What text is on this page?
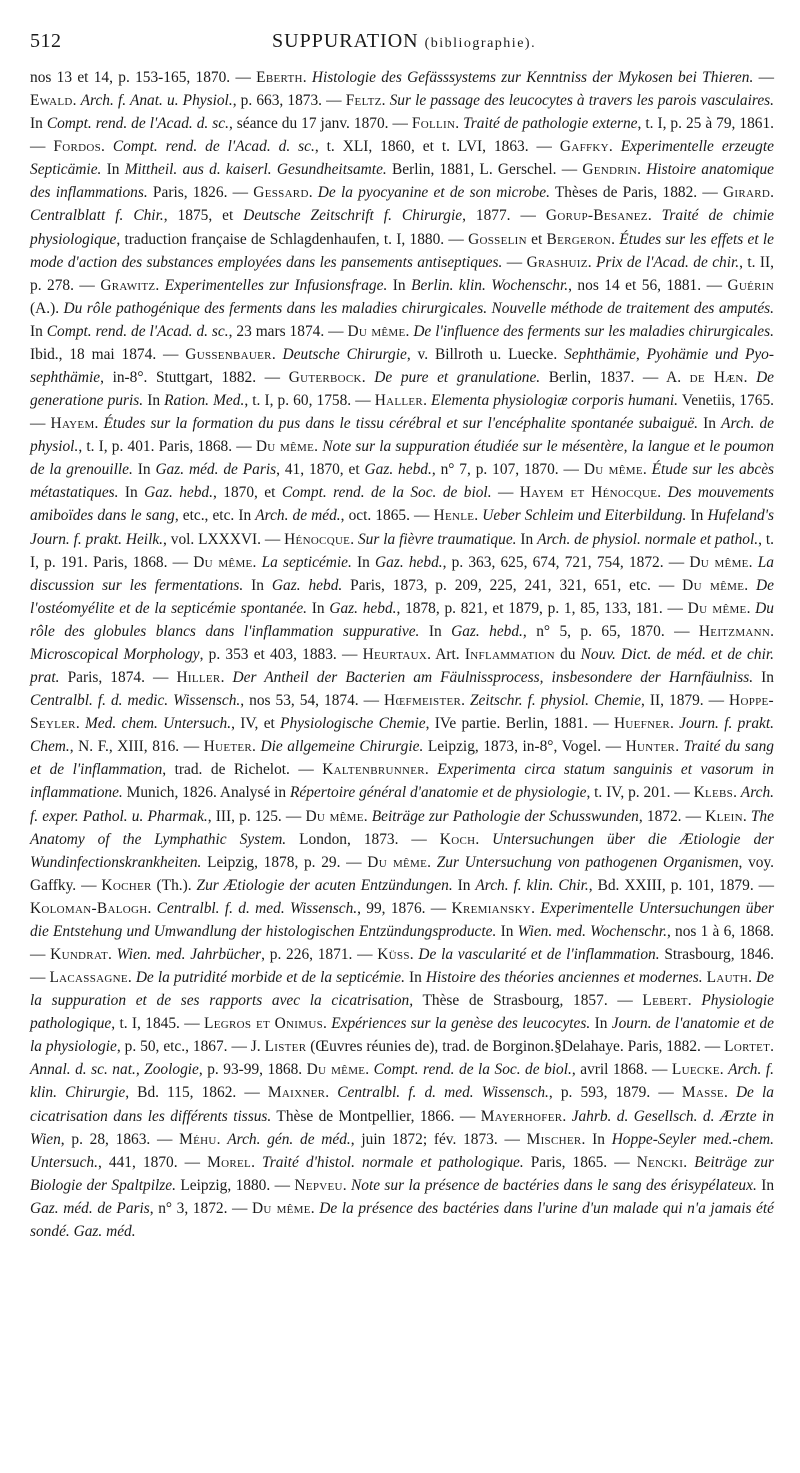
512	SUPPURATION (bibliographie).

nos 13 et 14, p. 153-165, 1870. — Eberth. Histologie des Gefässsystems zur Kenntniss der Mykosen bei Thieren. — Ewald. Arch. f. Anat. u. Physiol., p. 663, 1873. — Feltz. Sur le passage des leucocytes à travers les parois vasculaires. In Compt. rend. de l'Acad. d. sc., séance du 17 janv. 1870. — Follin. Traité de pathologie externe, t. I, p. 25 à 79, 1861. — Fordos. Compt. rend. de l'Acad. d. sc., t. XLI, 1860, et t. LVI, 1863. — Gaffky. Experimentelle erzeugte Septicämie. In Mittheil. aus d. kaiserl. Gesundheitsamte. Berlin, 1881, L. Gerschel. — Gendrin. Histoire anatomique des inflammations. Paris, 1826. — Gessard. De la pyocyanine et de son microbe. Thèses de Paris, 1882. — Girard. Centralblatt f. Chir., 1875, et Deutsche Zeitschrift f. Chirurgie, 1877. — Gorup-Besanez. Traité de chimie physiologique, traduction française de Schlagdenhaufen, t. I, 1880. — Gosselin et Bergeron. Études sur les effets et le mode d'action des substances employées dans les pansements antiseptiques. — Grashuiz. Prix de l'Acad. de chir., t. II, p. 278. — Grawitz. Experimentelles zur Infusionsfrage. In Berlin. klin. Wochenschr., nos 14 et 56, 1881. — Guérin (A.). Du rôle pathogénique des ferments dans les maladies chirurgicales. Nouvelle méthode de traitement des amputés. In Compt. rend. de l'Acad. d. sc., 23 mars 1874. — Du même. De l'influence des ferments sur les maladies chirurgicales. Ibid., 18 mai 1874. — Gussenbauer. Deutsche Chirurgie, v. Billroth u. Luecke. Sephthämie, Pyohämie und Pyo-sephthämie, in-8°. Stuttgart, 1882. — Guterbock. De pure et granulatione. Berlin, 1837. — A. de Hæn. De generatione puris. In Ration. Med., t. I, p. 60, 1758. — Haller. Elementa physiologiæ corporis humani. Venetiis, 1765. — Hayem. Études sur la formation du pus dans le tissu cérébral et sur l'encéphalite spontanée subaiguë. In Arch. de physiol., t. I, p. 401. Paris, 1868. — Du même. Note sur la suppuration étudiée sur le mésentère, la langue et le poumon de la grenouille. In Gaz. méd. de Paris, 41, 1870, et Gaz. hebd., n° 7, p. 107, 1870. — Du même. Étude sur les abcès métastatiques. In Gaz. hebd., 1870, et Compt. rend. de la Soc. de biol. — Hayem et Hénocque. Des mouvements amiboïdes dans le sang, etc., etc. In Arch. de méd., oct. 1865. — Henle. Ueber Schleim und Eiterbildung. In Hufeland's Journ. f. prakt. Heilk., vol. LXXXVI. — Hénocque. Sur la fièvre traumatique. In Arch. de physiol. normale et pathol., t. I, p. 191. Paris, 1868. — Du même. La septicémie. In Gaz. hebd., p. 363, 625, 674, 721, 754, 1872. — Du même. La discussion sur les fermentations. In Gaz. hebd. Paris, 1873, p. 209, 225, 241, 321, 651, etc. — Du même. De l'ostéomyélite et de la septicémie spontanée. In Gaz. hebd., 1878, p. 821, et 1879, p. 1, 85, 133, 181. — Du même. Du rôle des globules blancs dans l'inflammation suppurative. In Gaz. hebd., n° 5, p. 65, 1870. — Heitzmann. Microscopical Morphology, p. 353 et 403, 1883. — Heurtaux. Art. Inflammation du Nouv. Dict. de méd. et de chir. prat. Paris, 1874. — Hiller. Der Antheil der Bacterien am Fäulnissprocess, insbesondere der Harnfäulniss. In Centralbl. f. d. medic. Wissensch., nos 53, 54, 1874. — Hœfmeister. Zeitschr. f. physiol. Chemie, II, 1879. — Hoppe-Seyler. Med. chem. Untersuch., IV, et Physiologische Chemie, IVe partie. Berlin, 1881. — Huefner. Journ. f. prakt. Chem., N. F., XIII, 816. — Hueter. Die allgemeine Chirurgie. Leipzig, 1873, in-8°, Vogel. — Hunter. Traité du sang et de l'inflammation, trad. de Richelot. — Kaltenbrunner. Experimenta circa statum sanguinis et vasorum in inflammatione. Munich, 1826. Analysé in Répertoire général d'anatomie et de physiologie, t. IV, p. 201. — Klebs. Arch. f. exper. Pathol. u. Pharmak., III, p. 125. — Du même. Beiträge zur Pathologie der Schusswunden, 1872. — Klein. The Anatomy of the Lymphathic System. London, 1873. — Koch. Untersuchungen über die Ætiologie der Wundinfectionskrankheiten. Leipzig, 1878, p. 29. — Du même. Zur Untersuchung von pathogenen Organismen, voy. Gaffky. — Kocher (Th.). Zur Ætiologie der acuten Entzündungen. In Arch. f. klin. Chir., Bd. XXIII, p. 101, 1879. — Koloman-Balogh. Centralbl. f. d. med. Wissensch., 99, 1876. — Kremiansky. Experimentelle Untersuchungen über die Entstehung und Umwandlung der histologischen Entzündungsproducte. In Wien. med. Wochenschr., nos 1 à 6, 1868. — Kundrat. Wien. med. Jahrbücher, p. 226, 1871. — Küss. De la vascularité et de l'inflammation. Strasbourg, 1846. — Lacassagne. De la putridité morbide et de la septicémie. In Histoire des théories anciennes et modernes. Lauth. De la suppuration et de ses rapports avec la cicatrisation, Thèse de Strasbourg, 1857. — Lebert. Physiologie pathologique, t. I, 1845. — Legros et Onimus. Expériences sur la genèse des leucocytes. In Journ. de l'anatomie et de la physiologie, p. 50, etc., 1867. — J. Lister (Œuvres réunies de), trad. de Borginon.§Delahaye. Paris, 1882. — Lortet. Annal. d. sc. nat., Zoologie, p. 93-99, 1868. Du même. Compt. rend. de la Soc. de biol., avril 1868. — Luecke. Arch. f. klin. Chirurgie, Bd. 115, 1862. — Maixner. Centralbl. f. d. med. Wissensch., p. 593, 1879. — Masse. De la cicatrisation dans les différents tissus. Thèse de Montpellier, 1866. — Mayerhofer. Jahrb. d. Gesellsch. d. Ærzte in Wien, p. 28, 1863. — Méhu. Arch. gén. de méd., juin 1872; fév. 1873. — Mischer. In Hoppe-Seyler med.-chem. Untersuch., 441, 1870. — Morel. Traité d'histol. normale et pathologique. Paris, 1865. — Nencki. Beiträge zur Biologie der Spaltpilze. Leipzig, 1880. — Nepveu. Note sur la présence de bactéries dans le sang des érisypélateux. In Gaz. méd. de Paris, n° 3, 1872. — Du même. De la présence des bactéries dans l'urine d'un malade qui n'a jamais été sondé. Gaz. méd.
